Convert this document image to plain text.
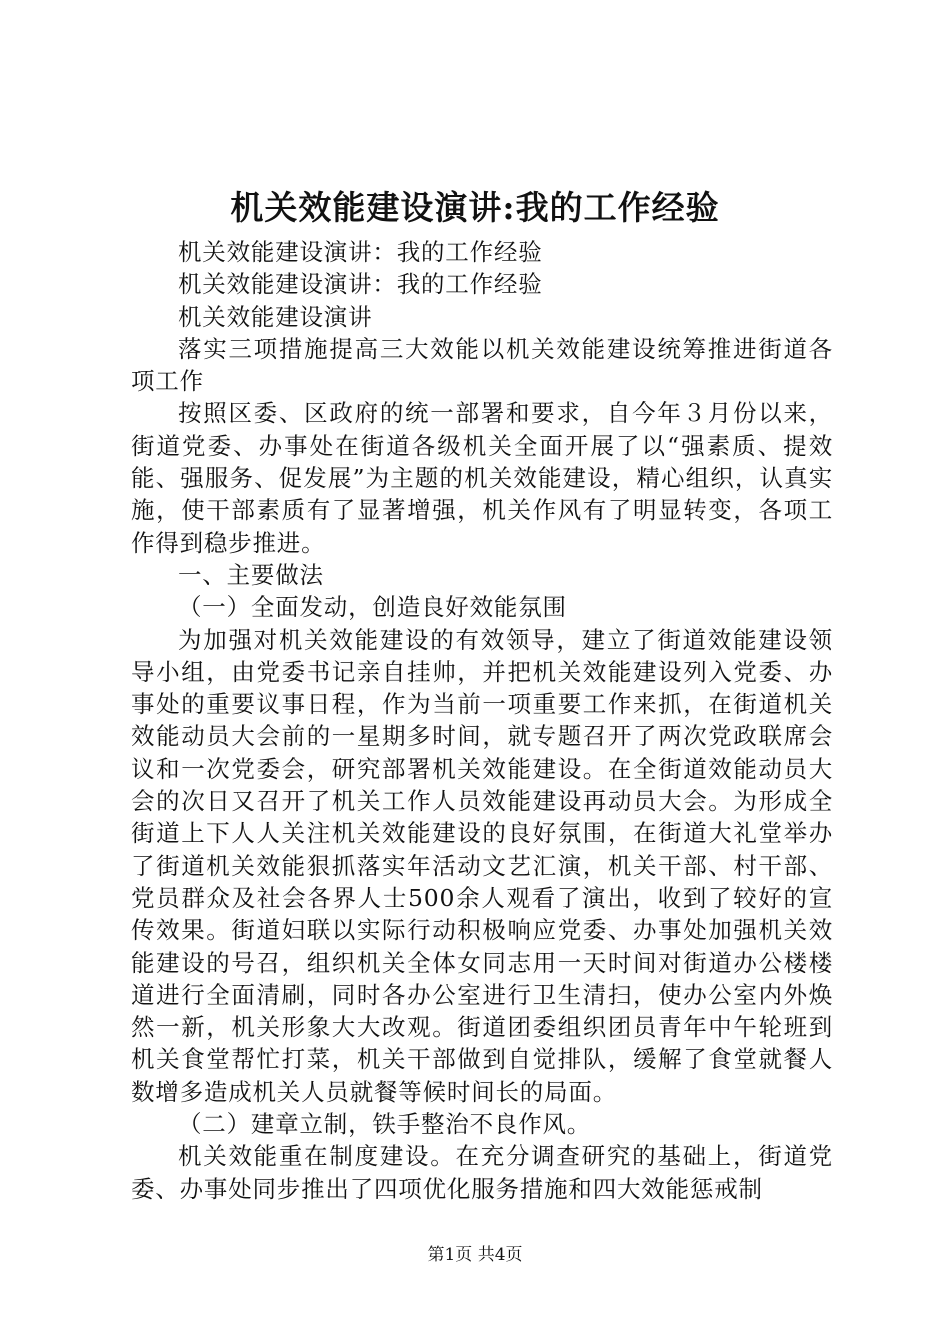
机关效能建设演讲:我的工作经验

机关效能建设演讲：我的工作经验

机关效能建设演讲：我的工作经验

机关效能建设演讲

落实三项措施提高三大效能以机关效能建设统筹推进街道各项工作

按照区委、区政府的统一部署和要求，自今年３月份以来，街道党委、办事处在街道各级机关全面开展了以“强素质、提效能、强服务、促发展”为主题的机关效能建设，精心组织，认真实施，使干部素质有了显著增强，机关作风有了明显转变，各项工作得到稳步推进。

一、主要做法

（一）全面发动，创造良好效能氛围

为加强对机关效能建设的有效领导，建立了街道效能建设领导小组，由党委书记亲自挂帅，并把机关效能建设列入党委、办事处的重要议事日程，作为当前一项重要工作来抓，在街道机关效能动员大会前的一星期多时间，就专题召开了两次党政联席会议和一次党委会，研究部署机关效能建设。在全街道效能动员大会的次日又召开了机关工作人员效能建设再动员大会。为形成全街道上下人人关注机关效能建设的良好氛围，在街道大礼堂举办了街道机关效能狠抓落实年活动文艺汇演，机关干部、村干部、党员群众及社会各界人士500余人观看了演出，收到了较好的宣传效果。街道妇联以实际行动积极响应党委、办事处加强机关效能建设的号召，组织机关全体女同志用一天时间对街道办公楼楼道进行全面清刷，同时各办公室进行卫生清扫，使办公室内外焕然一新，机关形象大大改观。街道团委组织团员青年中午轮班到机关食堂帮忙打菜，机关干部做到自觉排队，缓解了食堂就餐人数增多造成机关人员就餐等候时间长的局面。

（二）建章立制，铁手整治不良作风。

机关效能重在制度建设。在充分调查研究的基础上，街道党委、办事处同步推出了四项优化服务措施和四大效能惩戒制

第1页 共4页
